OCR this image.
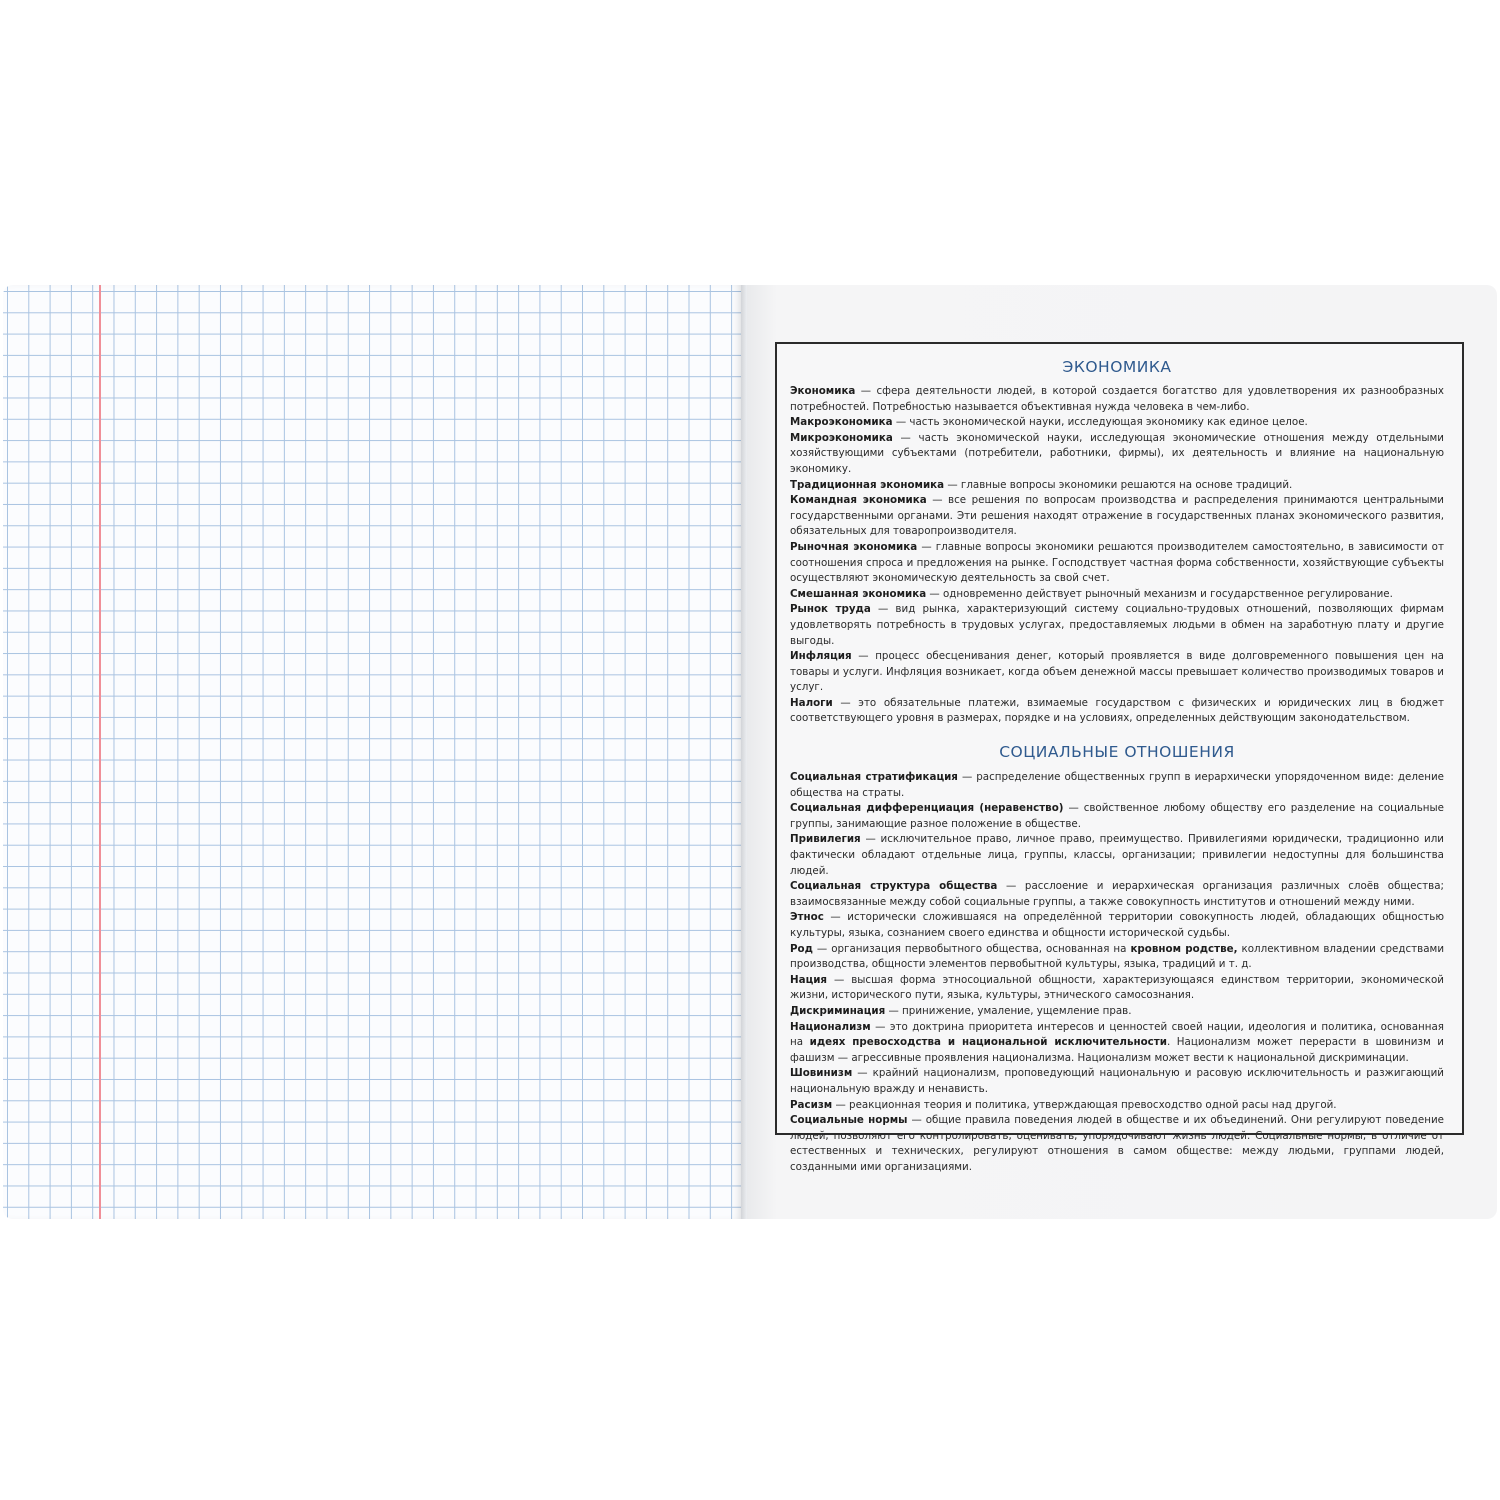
ЭКОНОМИКА

Экономика — сфера деятельности людей, в которой создается богатство для удовлетворения их разнообразных потребностей. Потребностью называется объективная нужда человека в чем-либо.

Макроэкономика — часть экономической науки, исследующая экономику как единое целое.

Микроэкономика — часть экономической науки, исследующая экономические отношения между отдельными хозяйствующими субъектами (потребители, работники, фирмы), их деятельность и влияние на национальную экономику.

Традиционная экономика — главные вопросы экономики решаются на основе традиций.

Командная экономика — все решения по вопросам производства и распределения принимаются центральными государственными органами. Эти решения находят отражение в государственных планах экономического развития, обязательных для товаропроизводителя.

Рыночная экономика — главные вопросы экономики решаются производителем самостоятельно, в зависимости от соотношения спроса и предложения на рынке. Господствует частная форма собственности, хозяйствующие субъекты осуществляют экономическую деятельность за свой счет.

Смешанная экономика — одновременно действует рыночный механизм и государственное регулирование.

Рынок труда — вид рынка, характеризующий систему социально-трудовых отношений, позволяющих фирмам удовлетворять потребность в трудовых услугах, предоставляемых людьми в обмен на заработную плату и другие выгоды.

Инфляция — процесс обесценивания денег, который проявляется в виде долговременного повышения цен на товары и услуги. Инфляция возникает, когда объем денежной массы превышает количество производимых товаров и услуг.

Налоги — это обязательные платежи, взимаемые государством с физических и юридических лиц в бюджет соответствующего уровня в размерах, порядке и на условиях, определенных действующим законодательством.

СОЦИАЛЬНЫЕ ОТНОШЕНИЯ

Социальная стратификация — распределение общественных групп в иерархически упорядоченном виде: деление общества на страты.

Социальная дифференциация (неравенство) — свойственное любому обществу его разделение на социальные группы, занимающие разное положение в обществе.

Привилегия — исключительное право, личное право, преимущество. Привилегиями юридически, традиционно или фактически обладают отдельные лица, группы, классы, организации; привилегии недоступны для большинства людей.

Социальная структура общества — расслоение и иерархическая организация различных слоёв общества; взаимосвязанные между собой социальные группы, а также совокупность институтов и отношений между ними.

Этнос — исторически сложившаяся на определённой территории совокупность людей, обладающих общностью культуры, языка, сознанием своего единства и общности исторической судьбы.

Род — организация первобытного общества, основанная на кровном родстве, коллективном владении средствами производства, общности элементов первобытной культуры, языка, традиций и т. д.

Нация — высшая форма этносоциальной общности, характеризующаяся единством территории, экономической жизни, исторического пути, языка, культуры, этнического самосознания.

Дискриминация — принижение, умаление, ущемление прав.

Национализм — это доктрина приоритета интересов и ценностей своей нации, идеология и политика, основанная на идеях превосходства и национальной исключительности. Национализм может перерасти в шовинизм и фашизм — агрессивные проявления национализма. Национализм может вести к национальной дискриминации.

Шовинизм — крайний национализм, проповедующий национальную и расовую исключительность и разжигающий национальную вражду и ненависть.

Расизм — реакционная теория и политика, утверждающая превосходство одной расы над другой.

Социальные нормы — общие правила поведения людей в обществе и их объединений. Они регулируют поведение людей, позволяют его контролировать, оценивать, упорядочивают жизнь людей. Социальные нормы, в отличие от естественных и технических, регулируют отношения в самом обществе: между людьми, группами людей, созданными ими организациями.
